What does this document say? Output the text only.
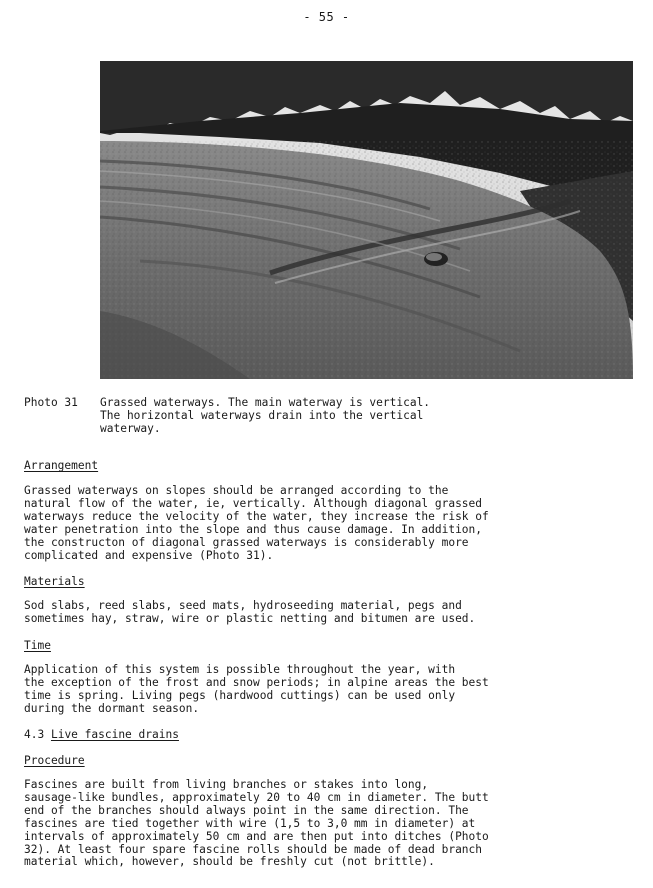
- 55 -
Photo 31	Grassed waterways. The main waterway is vertical.
The horizontal waterways drain into the vertical
waterway.
Arrangement
Grassed waterways on slopes should be arranged according to the
natural flow of the water, ie, vertically. Although diagonal grassed
waterways reduce the velocity of the water, they increase the risk of
water penetration into the slope and thus cause damage. In addition,
the constructon of diagonal grassed waterways is considerably more
complicated and expensive (Photo 31).
Materials
Sod slabs, reed slabs, seed mats, hydroseeding material, pegs and
sometimes hay, straw, wire or plastic netting and bitumen are used.
Time
Application of this system is possible throughout the year, with
the exception of the frost and snow periods; in alpine areas the best
time is spring. Living pegs (hardwood cuttings) can be used only
during the dormant season.
4.3 Live fascine drains
Procedure
Fascines are built from living branches or stakes into long,
sausage-like bundles, approximately 20 to 40 cm in diameter. The butt
end of the branches should always point in the same direction. The
fascines are tied together with wire (1,5 to 3,0 mm in diameter) at
intervals of approximately 50 cm and are then put into ditches (Photo
32). At least four spare fascine rolls should be made of dead branch
material which, however, should be freshly cut (not brittle).
